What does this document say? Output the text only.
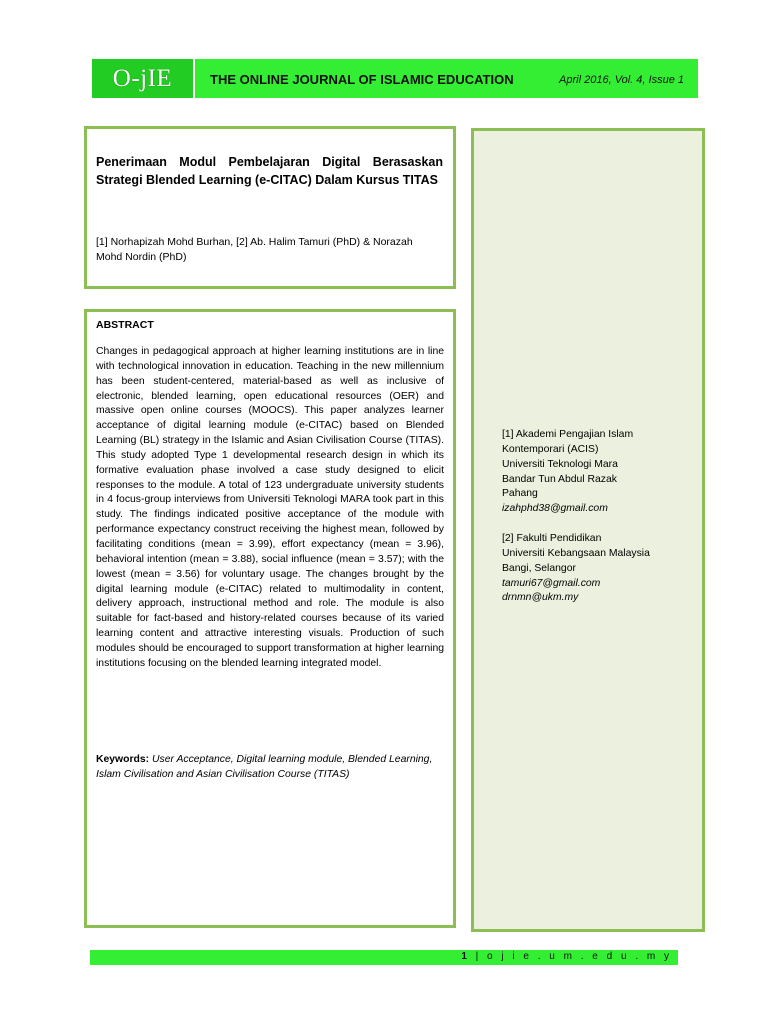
O-jIE	THE ONLINE JOURNAL OF ISLAMIC EDUCATION	April 2016, Vol. 4, Issue 1
Penerimaan Modul Pembelajaran Digital Berasaskan Strategi Blended Learning (e-CITAC) Dalam Kursus TITAS
[1] Norhapizah Mohd Burhan, [2] Ab. Halim Tamuri (PhD) & Norazah Mohd Nordin (PhD)
ABSTRACT
Changes in pedagogical approach at higher learning institutions are in line with technological innovation in education. Teaching in the new millennium has been student-centered, material-based as well as inclusive of electronic, blended learning, open educational resources (OER) and massive open online courses (MOOCS). This paper analyzes learner acceptance of digital learning module (e-CITAC) based on Blended Learning (BL) strategy in the Islamic and Asian Civilisation Course (TITAS). This study adopted Type 1 developmental research design in which its formative evaluation phase involved a case study designed to elicit responses to the module. A total of 123 undergraduate university students in 4 focus-group interviews from Universiti Teknologi MARA took part in this study. The findings indicated positive acceptance of the module with performance expectancy construct receiving the highest mean, followed by facilitating conditions (mean = 3.99), effort expectancy (mean = 3.96), behavioral intention (mean = 3.88), social influence (mean = 3.57); with the lowest (mean = 3.56) for voluntary usage. The changes brought by the digital learning module (e-CITAC) related to multimodality in content, delivery approach, instructional method and role. The module is also suitable for fact-based and history-related courses because of its varied learning content and attractive interesting visuals. Production of such modules should be encouraged to support transformation at higher learning institutions focusing on the blended learning integrated model.
Keywords: User Acceptance, Digital learning module, Blended Learning, Islam Civilisation and Asian Civilisation Course (TITAS)
[1] Akademi Pengajian Islam
Kontemporari (ACIS)
Universiti Teknologi Mara
Bandar Tun Abdul Razak
Pahang
izahphd38@gmail.com
[2] Fakulti Pendidikan
Universiti Kebangsaan Malaysia
Bangi, Selangor
tamuri67@gmail.com
drnmn@ukm.my
1 | o j i e . u m . e d u . m y
